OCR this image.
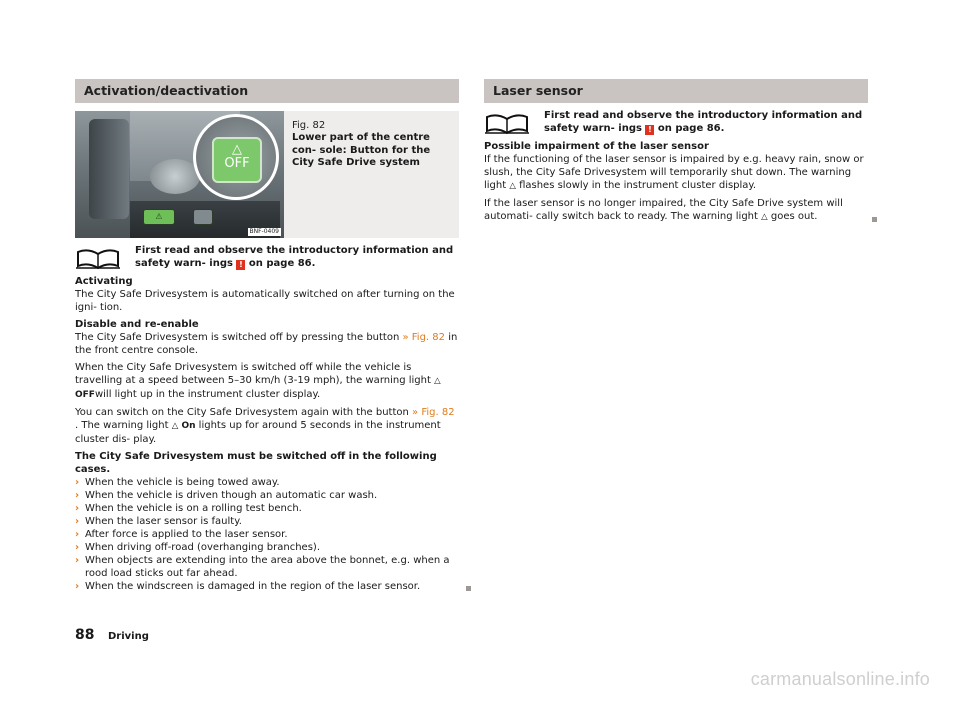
Activation/deactivation
⚠
△
OFF
BNF-0409
Fig. 82
Lower part of the centre con- sole: Button for the City Safe Drive system
First read and observe the introductory information and safety warn- ings ! on page 86.

Activating
The City Safe Drivesystem is automatically switched on after turning on the igni- tion.

Disable and re-enable
The City Safe Drivesystem is switched off by pressing the button » Fig. 82 in the front centre console.

When the City Safe Drivesystem is switched off while the vehicle is travelling at a speed between 5–30 km/h (3-19 mph), the warning light △ OFFwill light up in the instrument cluster display.

You can switch on the City Safe Drivesystem again with the button » Fig. 82 . The warning light △ On lights up for around 5 seconds in the instrument cluster dis- play.

The City Safe Drivesystem must be switched off in the following cases.
› When the vehicle is being towed away.
› When the vehicle is driven though an automatic car wash.
› When the vehicle is on a rolling test bench.
› When the laser sensor is faulty.
› After force is applied to the laser sensor.
› When driving off-road (overhanging branches).
› When objects are extending into the area above the bonnet, e.g. when a rood load sticks out far ahead.
› When the windscreen is damaged in the region of the laser sensor.
Laser sensor
First read and observe the introductory information and safety warn- ings ! on page 86.

Possible impairment of the laser sensor
If the functioning of the laser sensor is impaired by e.g. heavy rain, snow or slush, the City Safe Drivesystem will temporarily shut down. The warning light △ flashes slowly in the instrument cluster display.

If the laser sensor is no longer impaired, the City Safe Drive system will automati- cally switch back to ready. The warning light △ goes out.

88 Driving
carmanualsonline.info
